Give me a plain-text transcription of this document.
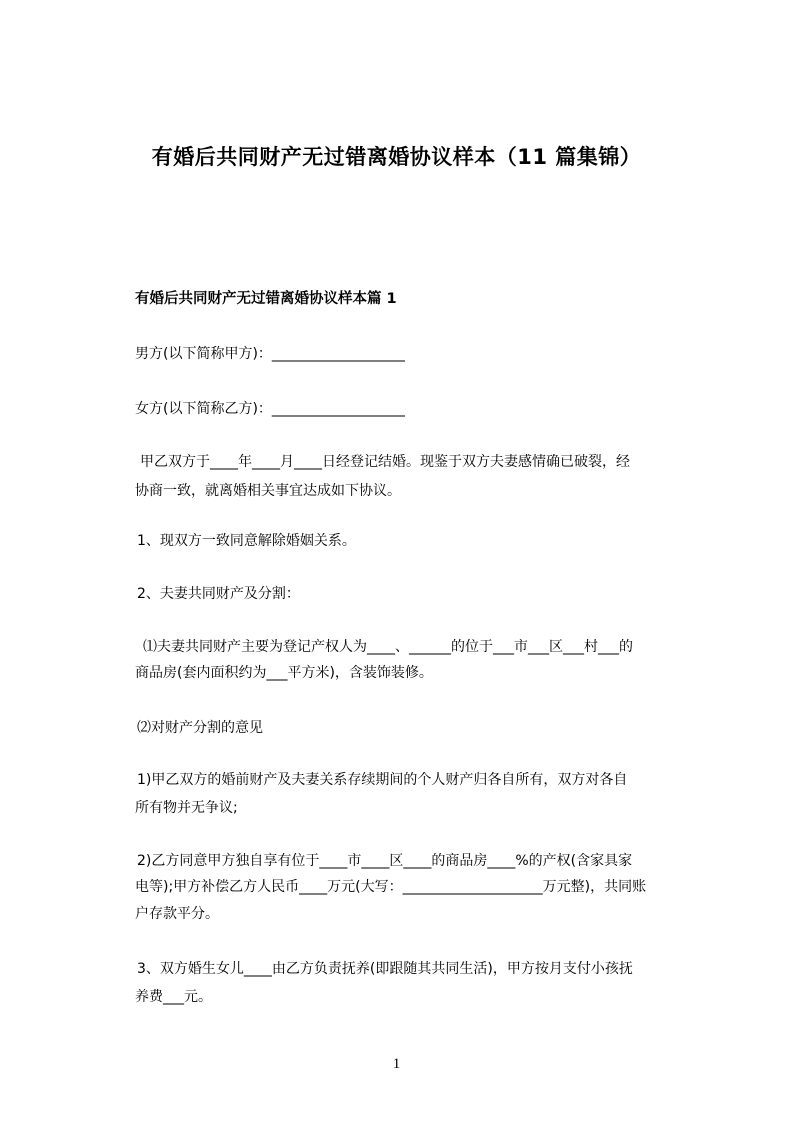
有婚后共同财产无过错离婚协议样本（11 篇集锦）
有婚后共同财产无过错离婚协议样本篇 1
男方(以下简称甲方)：___________________
女方(以下简称乙方)：___________________
甲乙双方于____年____月____日经登记结婚。现鉴于双方夫妻感情确已破裂，经
协商一致，就离婚相关事宜达成如下协议。
1、现双方一致同意解除婚姻关系。
2、夫妻共同财产及分割：
⑴夫妻共同财产主要为登记产权人为____、______的位于___市___区___村___的
商品房(套内面积约为___平方米)，含装饰装修。
⑵对财产分割的意见
1)甲乙双方的婚前财产及夫妻关系存续期间的个人财产归各自所有，双方对各自
所有物并无争议;
2)乙方同意甲方独自享有位于____市____区____的商品房____%的产权(含家具家
电等);甲方补偿乙方人民币____万元(大写：____________________万元整)，共同账
户存款平分。
3、双方婚生女儿____由乙方负责抚养(即跟随其共同生活)，甲方按月支付小孩抚
养费___元。
1
